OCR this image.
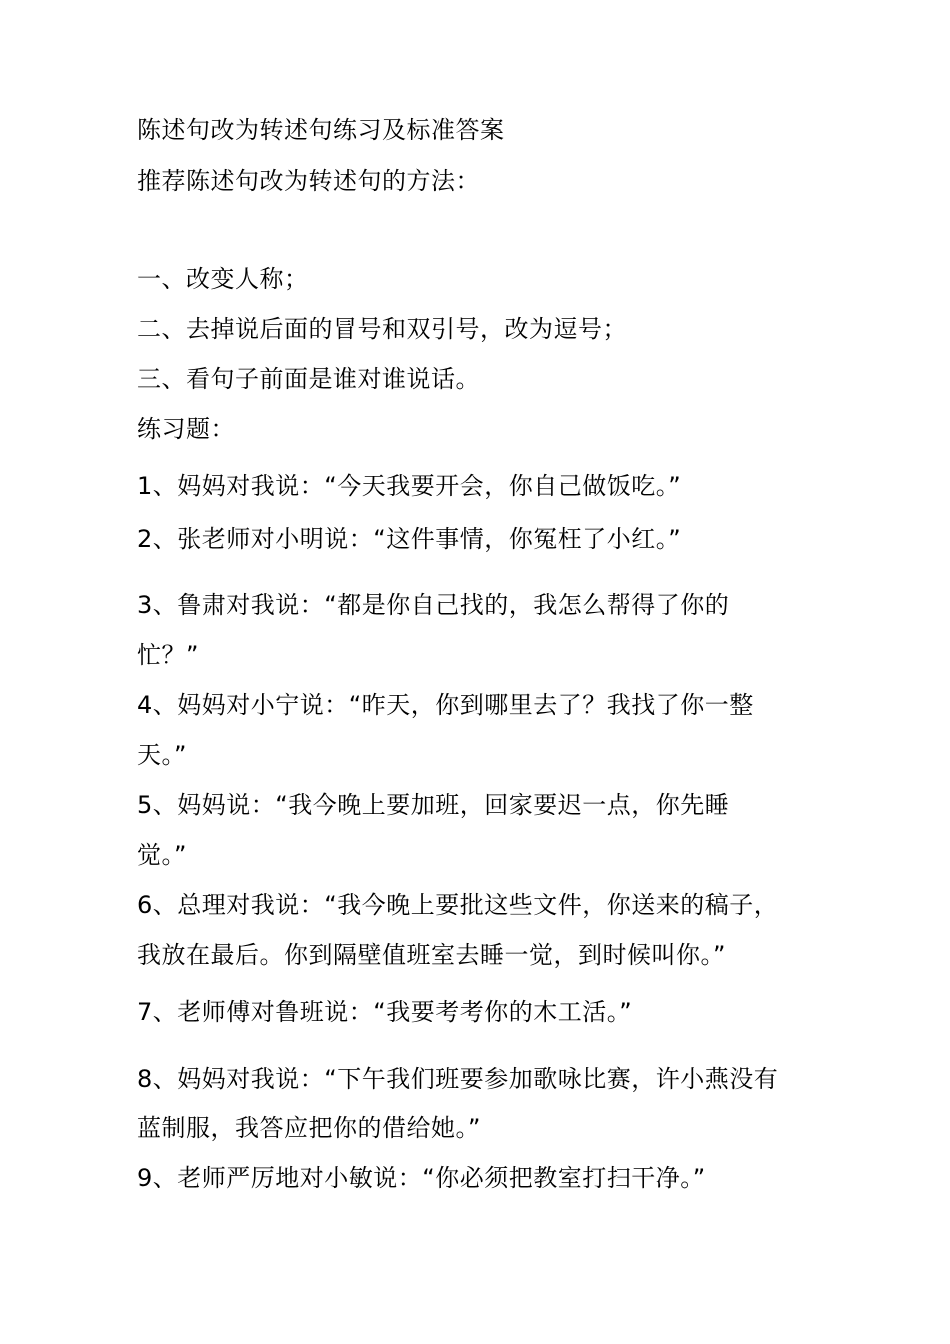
陈述句改为转述句练习及标准答案
推荐陈述句改为转述句的方法：
一、改变人称；
二、去掉说后面的冒号和双引号，改为逗号；
三、看句子前面是谁对谁说话。
练习题：
1、妈妈对我说：“今天我要开会，你自己做饭吃。”
2、张老师对小明说：“这件事情，你冤枉了小红。”
3、鲁肃对我说：“都是你自己找的，我怎么帮得了你的
忙？”
4、妈妈对小宁说：“昨天，你到哪里去了？我找了你一整
天。”
5、妈妈说：“我今晚上要加班，回家要迟一点，你先睡
觉。”
6、总理对我说：“我今晚上要批这些文件，你送来的稿子，
我放在最后。你到隔壁值班室去睡一觉，到时候叫你。”
7、老师傅对鲁班说：“我要考考你的木工活。”
8、妈妈对我说：“下午我们班要参加歌咏比赛，许小燕没有
蓝制服，我答应把你的借给她。”
9、老师严厉地对小敏说：“你必须把教室打扫干净。”
